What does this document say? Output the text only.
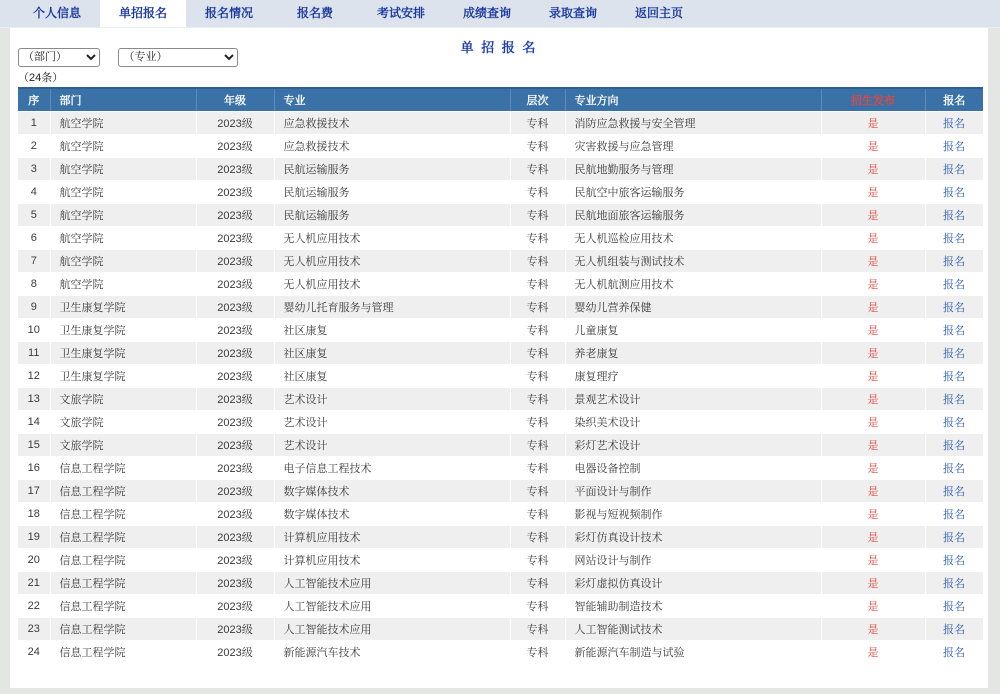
个人信息	单招报名	报名情况	报名费	考试安排	成绩查询	录取查询	返回主页
单 招 报 名
（部门）
（专业）
（24条）
序	部门	年级	专业	层次	专业方向	招生发布	报名
1	航空学院	2023级	应急救援技术	专科	消防应急救援与安全管理	是	报名
2	航空学院	2023级	应急救援技术	专科	灾害救援与应急管理	是	报名
3	航空学院	2023级	民航运输服务	专科	民航地勤服务与管理	是	报名
4	航空学院	2023级	民航运输服务	专科	民航空中旅客运输服务	是	报名
5	航空学院	2023级	民航运输服务	专科	民航地面旅客运输服务	是	报名
6	航空学院	2023级	无人机应用技术	专科	无人机巡检应用技术	是	报名
7	航空学院	2023级	无人机应用技术	专科	无人机组装与测试技术	是	报名
8	航空学院	2023级	无人机应用技术	专科	无人机航测应用技术	是	报名
9	卫生康复学院	2023级	婴幼儿托育服务与管理	专科	婴幼儿营养保健	是	报名
10	卫生康复学院	2023级	社区康复	专科	儿童康复	是	报名
11	卫生康复学院	2023级	社区康复	专科	养老康复	是	报名
12	卫生康复学院	2023级	社区康复	专科	康复理疗	是	报名
13	文旅学院	2023级	艺术设计	专科	景观艺术设计	是	报名
14	文旅学院	2023级	艺术设计	专科	染织美术设计	是	报名
15	文旅学院	2023级	艺术设计	专科	彩灯艺术设计	是	报名
16	信息工程学院	2023级	电子信息工程技术	专科	电器设备控制	是	报名
17	信息工程学院	2023级	数字媒体技术	专科	平面设计与制作	是	报名
18	信息工程学院	2023级	数字媒体技术	专科	影视与短视频制作	是	报名
19	信息工程学院	2023级	计算机应用技术	专科	彩灯仿真设计技术	是	报名
20	信息工程学院	2023级	计算机应用技术	专科	网站设计与制作	是	报名
21	信息工程学院	2023级	人工智能技术应用	专科	彩灯虚拟仿真设计	是	报名
22	信息工程学院	2023级	人工智能技术应用	专科	智能辅助制造技术	是	报名
23	信息工程学院	2023级	人工智能技术应用	专科	人工智能测试技术	是	报名
24	信息工程学院	2023级	新能源汽车技术	专科	新能源汽车制造与试验	是	报名
